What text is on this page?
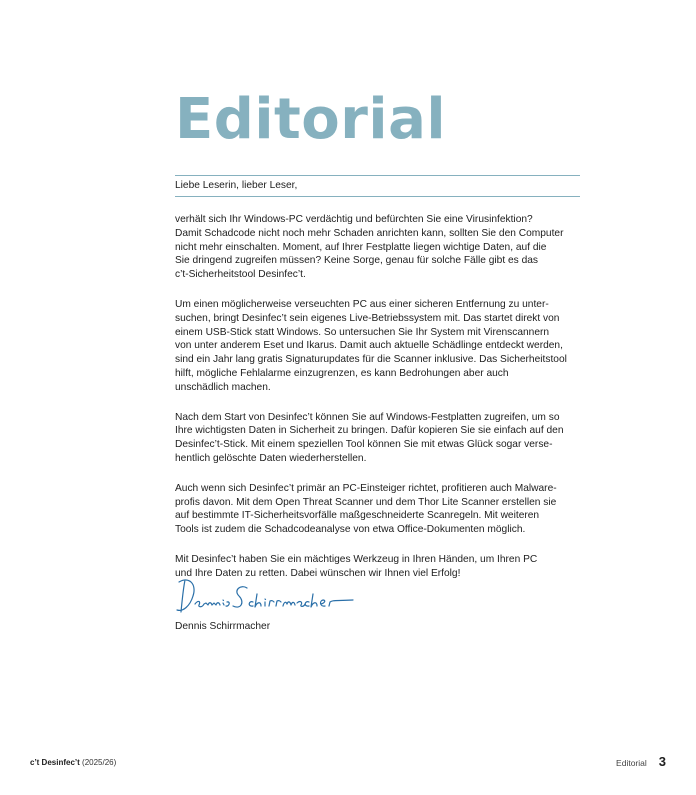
Editorial

Liebe Leserin, lieber Leser,

verhält sich Ihr Windows-PC verdächtig und befürchten Sie eine Virusinfektion?
Damit Schadcode nicht noch mehr Schaden anrichten kann, sollten Sie den Computer
nicht mehr einschalten. Moment, auf Ihrer Festplatte liegen wichtige Daten, auf die
Sie dringend zugreifen müssen? Keine Sorge, genau für solche Fälle gibt es das
c’t-Sicherheitstool Desinfec’t.

Um einen möglicherweise verseuchten PC aus einer sicheren Entfernung zu unter-
suchen, bringt Desinfec’t sein eigenes Live-Betriebssystem mit. Das startet direkt von
einem USB-Stick statt Windows. So untersuchen Sie Ihr System mit Virenscannern
von unter anderem Eset und Ikarus. Damit auch aktuelle Schädlinge entdeckt werden,
sind ein Jahr lang gratis Signaturupdates für die Scanner inklusive. Das Sicherheitstool
hilft, mögliche Fehlalarme einzugrenzen, es kann Bedrohungen aber auch
unschädlich machen.

Nach dem Start von Desinfec’t können Sie auf Windows-Festplatten zugreifen, um so
Ihre wichtigsten Daten in Sicherheit zu bringen. Dafür kopieren Sie sie einfach auf den
Desinfec’t-Stick. Mit einem speziellen Tool können Sie mit etwas Glück sogar verse-
hentlich gelöschte Daten wiederherstellen.

Auch wenn sich Desinfec’t primär an PC-Einsteiger richtet, profitieren auch Malware-
profis davon. Mit dem Open Threat Scanner und dem Thor Lite Scanner erstellen sie
auf bestimmte IT-Sicherheitsvorfälle maßgeschneiderte Scanregeln. Mit weiteren
Tools ist zudem die Schadcodeanalyse von etwa Office-Dokumenten möglich.

Mit Desinfec’t haben Sie ein mächtiges Werkzeug in Ihren Händen, um Ihren PC
und Ihre Daten zu retten. Dabei wünschen wir Ihnen viel Erfolg!

Dennis Schirrmacher

c’t Desinfec’t (2025/26)	Editorial 3
